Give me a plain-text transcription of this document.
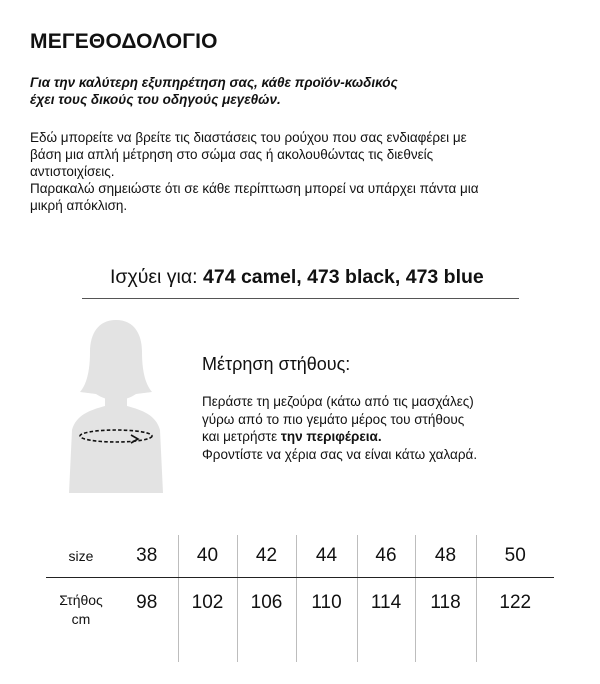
ΜΕΓΕΘΟΔΟΛΟΓΙΟ
Για την καλύτερη εξυπηρέτηση σας, κάθε προϊόν-κωδικός
έχει τους δικούς του οδηγούς μεγεθών.
Εδώ μπορείτε να βρείτε τις διαστάσεις του ρούχου που σας ενδιαφέρει με
βάση μια απλή μέτρηση στο σώμα σας ή ακολουθώντας τις διεθνείς
αντιστοιχίσεις.
Παρακαλώ σημειώστε ότι σε κάθε περίπτωση μπορεί να υπάρχει πάντα μια
μικρή απόκλιση.
Ισχύει για: 474 camel, 473 black, 473 blue
Μέτρηση στήθους:
Περάστε τη μεζούρα (κάτω από τις μασχάλες)
γύρω από το πιο γεμάτο μέρος του στήθους
και μετρήστε την περιφέρεια.
Φροντίστε να χέρια σας να είναι κάτω χαλαρά.
size	38	40	42	44	46	48	50
Στήθος
cm	98	102	106	110	114	118	122
